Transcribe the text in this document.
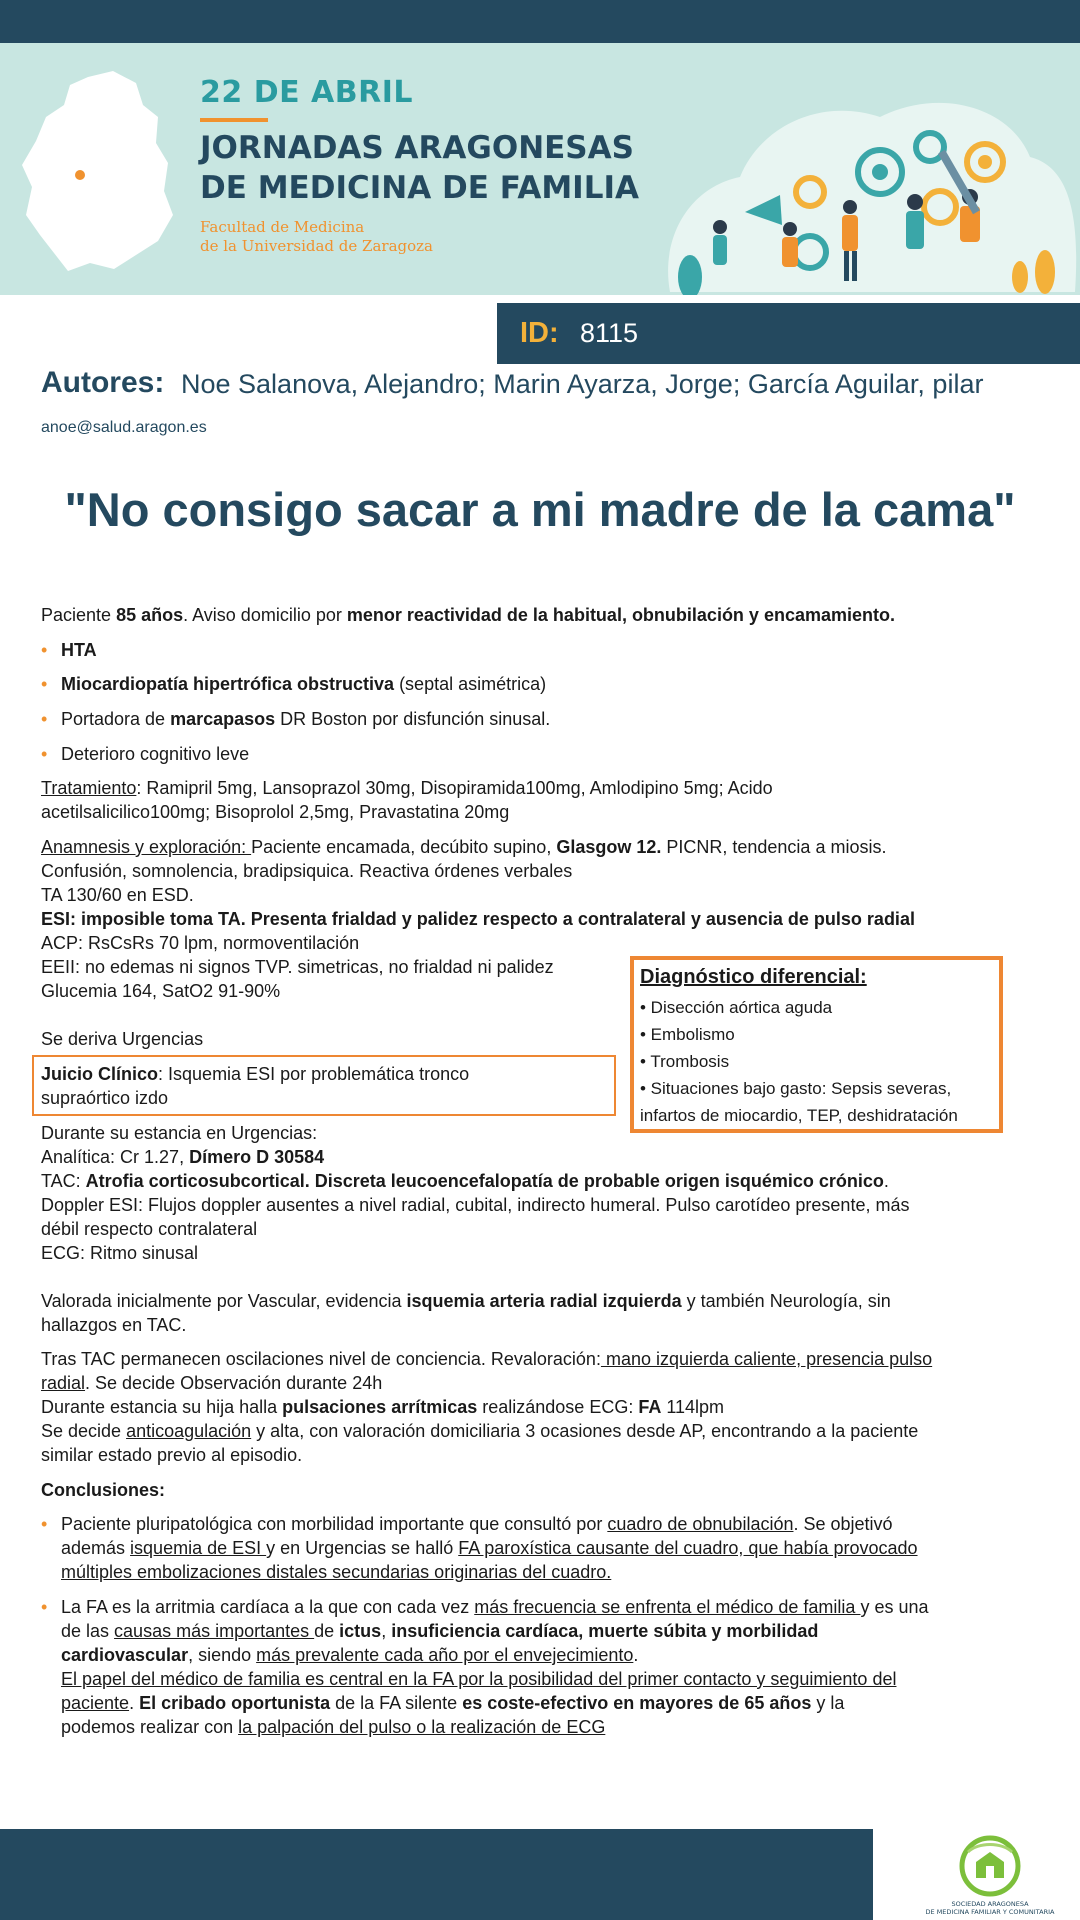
22 DE ABRIL
JORNADAS ARAGONESAS DE MEDICINA DE FAMILIA
Facultad de Medicina
de la Universidad de Zaragoza
ID: 8115
Autores: Noe Salanova, Alejandro; Marin Ayarza, Jorge; García Aguilar, pilar
anoe@salud.aragon.es
"No consigo sacar a mi madre de la cama"
Paciente 85 años. Aviso domicilio por menor reactividad de la habitual, obnubilación y encamamiento.
• HTA
• Miocardiopatía hipertrófica obstructiva (septal asimétrica)
• Portadora de marcapasos DR Boston por disfunción sinusal.
• Deterioro cognitivo leve
Tratamiento: Ramipril 5mg, Lansoprazol 30mg, Disopiramida100mg, Amlodipino 5mg; Acido
acetilsalicilico100mg; Bisoprolol 2,5mg, Pravastatina 20mg
Anamnesis y exploración: Paciente encamada, decúbito supino, Glasgow 12. PICNR, tendencia a miosis.
Confusión, somnolencia, bradipsiquica. Reactiva órdenes verbales
TA 130/60 en ESD.
ESI: imposible toma TA. Presenta frialdad y palidez respecto a contralateral y ausencia de pulso radial
ACP: RsCsRs 70 lpm, normoventilación
EEII: no edemas ni signos TVP. simetricas, no frialdad ni palidez
Glucemia 164, SatO2 91-90%
Se deriva Urgencias
Juicio Clínico: Isquemia ESI por problemática tronco
supraórtico izdo
Diagnóstico diferencial:
• Disección aórtica aguda
• Embolismo
• Trombosis
• Situaciones bajo gasto: Sepsis severas,
infartos de miocardio, TEP, deshidratación
Durante su estancia en Urgencias:
Analítica: Cr 1.27, Dímero D 30584
TAC: Atrofia corticosubcortical. Discreta leucoencefalopatía de probable origen isquémico crónico.
Doppler ESI: Flujos doppler ausentes a nivel radial, cubital, indirecto humeral. Pulso carotídeo presente, más
débil respecto contralateral
ECG: Ritmo sinusal
Valorada inicialmente por Vascular, evidencia isquemia arteria radial izquierda y también Neurología, sin
hallazgos en TAC.
Tras TAC permanecen oscilaciones nivel de conciencia. Revaloración: mano izquierda caliente, presencia pulso
radial. Se decide Observación durante 24h
Durante estancia su hija halla pulsaciones arrítmicas realizándose ECG: FA 114lpm
Se decide anticoagulación y alta, con valoración domiciliaria 3 ocasiones desde AP, encontrando a la paciente
similar estado previo al episodio.
Conclusiones:
• Paciente pluripatológica con morbilidad importante que consultó por cuadro de obnubilación. Se objetivó
además isquemia de ESI y en Urgencias se halló FA paroxística causante del cuadro, que había provocado
múltiples embolizaciones distales secundarias originarias del cuadro.
• La FA es la arritmia cardíaca a la que con cada vez más frecuencia se enfrenta el médico de familia y es una
de las causas más importantes de ictus, insuficiencia cardíaca, muerte súbita y morbilidad
cardiovascular, siendo más prevalente cada año por el envejecimiento.
El papel del médico de familia es central en la FA por la posibilidad del primer contacto y seguimiento del
paciente. El cribado oportunista de la FA silente es coste-efectivo en mayores de 65 años y la
podemos realizar con la palpación del pulso o la realización de ECG
SOCIEDAD ARAGONESA
DE MEDICINA FAMILIAR Y COMUNITARIA
